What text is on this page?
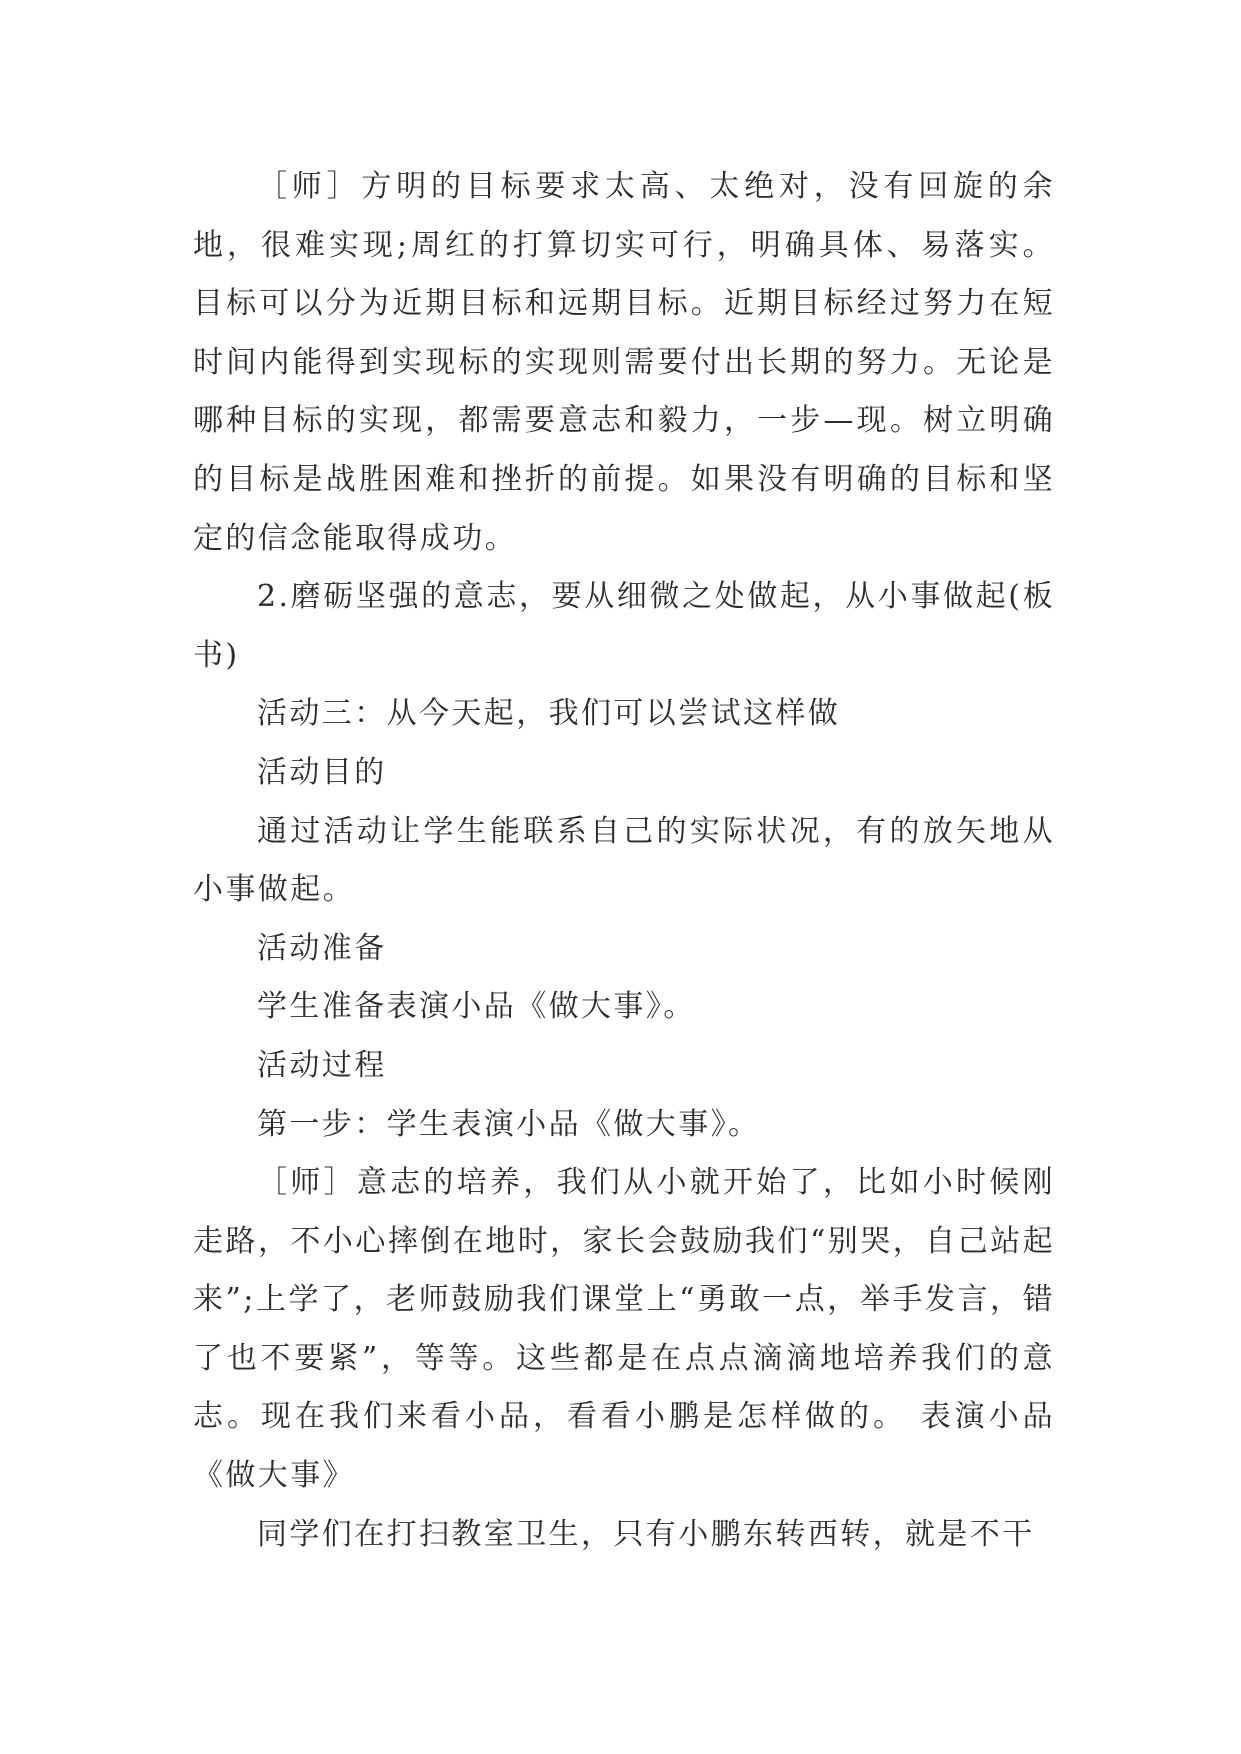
［师］方明的目标要求太高、太绝对，没有回旋的余地，很难实现;周红的打算切实可行，明确具体、易落实。 目标可以分为近期目标和远期目标。近期目标经过努力在短时间内能得到实现标的实现则需要付出长期的努力。无论是哪种目标的实现，都需要意志和毅力，一步—现。树立明确的目标是战胜困难和挫折的前提。如果没有明确的目标和坚定的信念能取得成功。

2.磨砺坚强的意志，要从细微之处做起，从小事做起(板书)

活动三：从今天起，我们可以尝试这样做

活动目的

通过活动让学生能联系自己的实际状况，有的放矢地从小事做起。

活动准备

学生准备表演小品《做大事》。

活动过程

第一步：学生表演小品《做大事》。

［师］意志的培养，我们从小就开始了，比如小时候刚走路，不小心摔倒在地时，家长会鼓励我们“别哭，自己站起来”;上学了，老师鼓励我们课堂上“勇敢一点，举手发言，错了也不要紧”，等等。这些都是在点点滴滴地培养我们的意志。现在我们来看小品，看看小鹏是怎样做的。 表演小品《做大事》

同学们在打扫教室卫生，只有小鹏东转西转，就是不干
